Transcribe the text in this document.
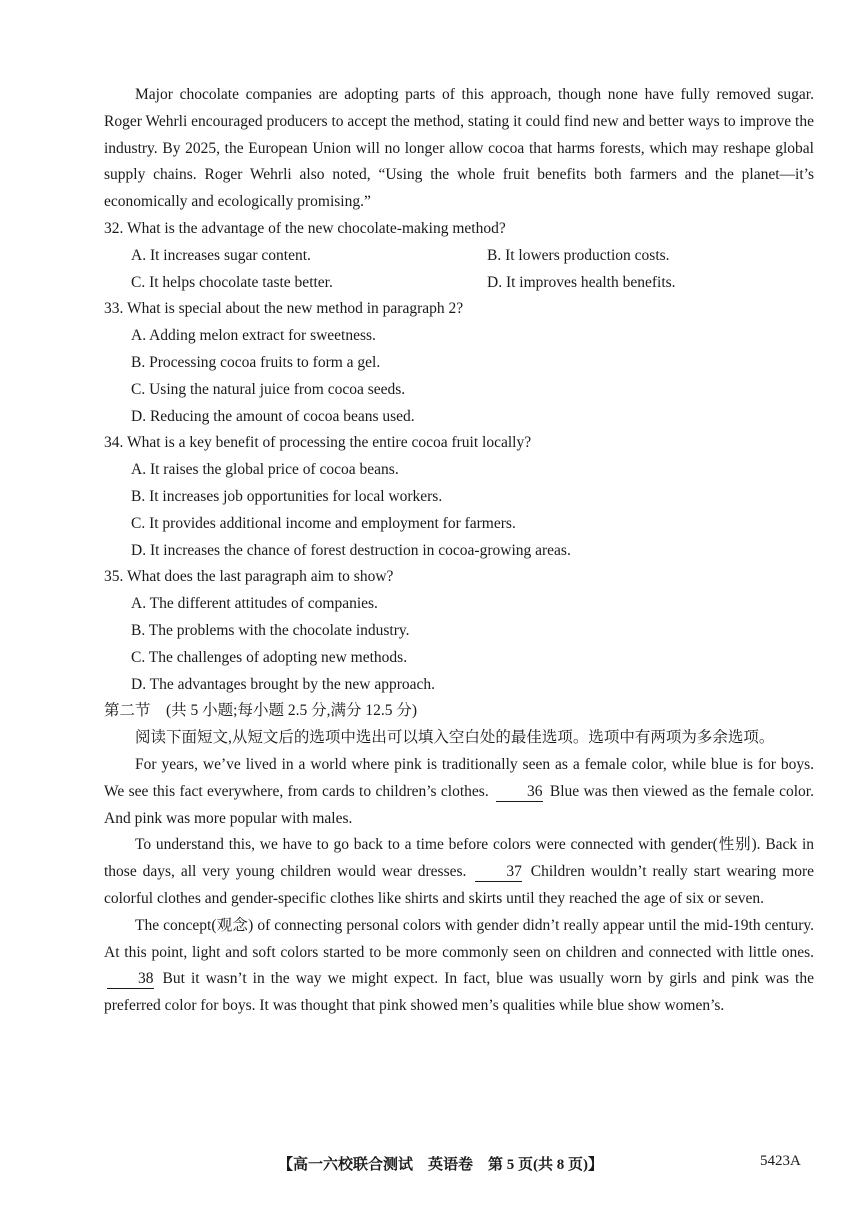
Major chocolate companies are adopting parts of this approach, though none have fully removed sugar. Roger Wehrli encouraged producers to accept the method, stating it could find new and better ways to improve the industry. By 2025, the European Union will no longer allow cocoa that harms forests, which may reshape global supply chains. Roger Wehrli also noted, “Using the whole fruit benefits both farmers and the planet—it’s economically and ecologically promising.”

32. What is the advantage of the new chocolate-making method?

A. It increases sugar content.	B. It lowers production costs.
C. It helps chocolate taste better.	D. It improves health benefits.

33. What is special about the new method in paragraph 2?

A. Adding melon extract for sweetness.

B. Processing cocoa fruits to form a gel.

C. Using the natural juice from cocoa seeds.

D. Reducing the amount of cocoa beans used.

34. What is a key benefit of processing the entire cocoa fruit locally?

A. It raises the global price of cocoa beans.

B. It increases job opportunities for local workers.

C. It provides additional income and employment for farmers.

D. It increases the chance of forest destruction in cocoa-growing areas.

35. What does the last paragraph aim to show?

A. The different attitudes of companies.

B. The problems with the chocolate industry.

C. The challenges of adopting new methods.

D. The advantages brought by the new approach.

第二节　(共 5 小题;每小题 2.5 分,满分 12.5 分)

阅读下面短文,从短文后的选项中选出可以填入空白处的最佳选项。选项中有两项为多余选项。

For years, we’ve lived in a world where pink is traditionally seen as a female color, while blue is for boys. We see this fact everywhere, from cards to children’s clothes. 36 Blue was then viewed as the female color. And pink was more popular with males.

To understand this, we have to go back to a time before colors were connected with gender(性别). Back in those days, all very young children would wear dresses.	37 Children wouldn’t really start wearing more colorful clothes and gender-specific clothes like shirts and skirts until they reached the age of six or seven.

The concept(观念) of connecting personal colors with gender didn’t really appear until the mid-19th century. At this point, light and soft colors started to be more commonly seen on children and connected with little ones. 38 But it wasn’t in the way we might expect. In fact, blue was usually worn by girls and pink was the preferred color for boys. It was thought that pink showed men’s qualities while blue show women’s.

【高一六校联合测试　英语卷　第 5 页(共 8 页)】	5423A
